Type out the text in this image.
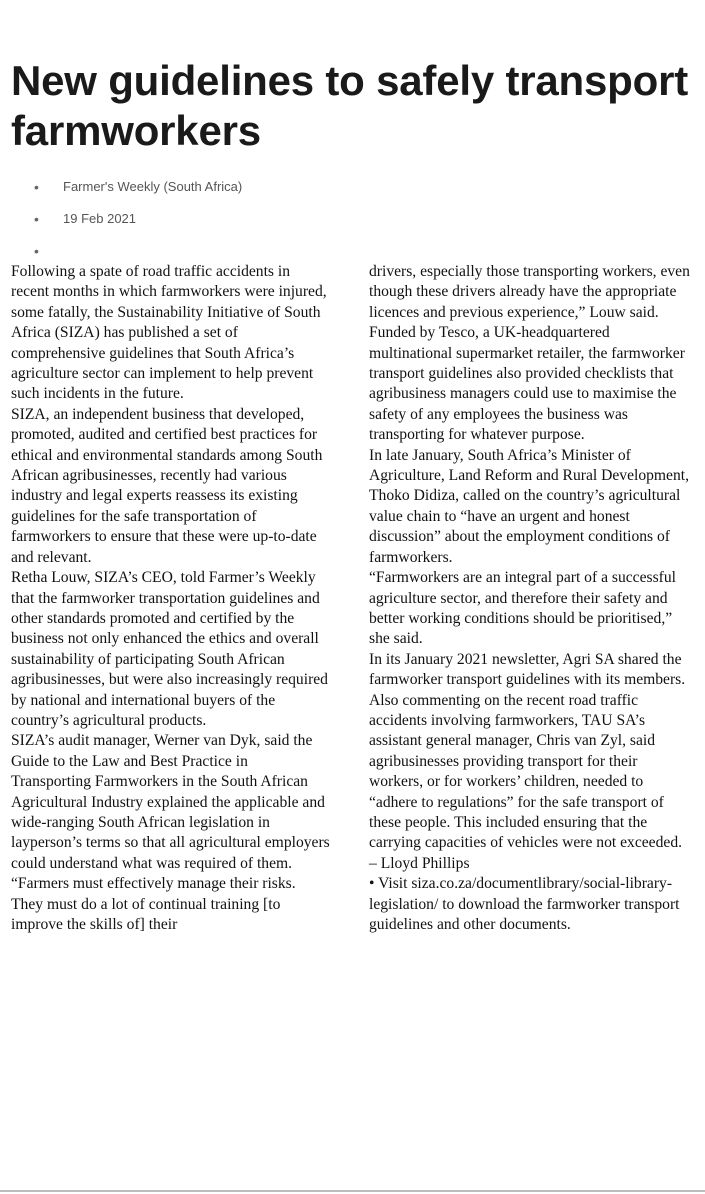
New guidelines to safely transport farmworkers
• Farmer's Weekly (South Africa)
• 19 Feb 2021
•

Following a spate of road traffic accidents in recent months in which farmworkers were injured, some fatally, the Sustainability Initiative of South Africa (SIZA) has published a set of comprehensive guidelines that South Africa’s agriculture sector can implement to help prevent such incidents in the future.

SIZA, an independent business that developed, promoted, audited and certified best practices for ethical and environmental standards among South African agribusinesses, recently had various industry and legal experts reassess its existing guidelines for the safe transportation of farmworkers to ensure that these were up-to-date and relevant.

Retha Louw, SIZA’s CEO, told Farmer’s Weekly that the farmworker transportation guidelines and other standards promoted and certified by the business not only enhanced the ethics and overall sustainability of participating South African agribusinesses, but were also increasingly required by national and international buyers of the country’s agricultural products.

SIZA’s audit manager, Werner van Dyk, said the Guide to the Law and Best Practice in Transporting Farmworkers in the South African Agricultural Industry explained the applicable and wide-ranging South African legislation in layperson’s terms so that all agricultural employers could understand what was required of them.

“Farmers must effectively manage their risks. They must do a lot of continual training [to improve the skills of] their

drivers, especially those transporting workers, even though these drivers already have the appropriate licences and previous experience,” Louw said.

Funded by Tesco, a UK-headquartered multinational supermarket retailer, the farmworker transport guidelines also provided checklists that agribusiness managers could use to maximise the safety of any employees the business was transporting for whatever purpose.

In late January, South Africa’s Minister of Agriculture, Land Reform and Rural Development, Thoko Didiza, called on the country’s agricultural value chain to “have an urgent and honest discussion” about the employment conditions of farmworkers.

“Farmworkers are an integral part of a successful agriculture sector, and therefore their safety and better working conditions should be prioritised,” she said.

In its January 2021 newsletter, Agri SA shared the farmworker transport guidelines with its members.

Also commenting on the recent road traffic accidents involving farmworkers, TAU SA’s assistant general manager, Chris van Zyl, said agribusinesses providing transport for their workers, or for workers’ children, needed to “adhere to regulations” for the safe transport of these people. This included ensuring that the carrying capacities of vehicles were not exceeded. – Lloyd Phillips

• Visit siza.co.za/documentlibrary/social-library-legislation/ to download the farmworker transport guidelines and other documents.
